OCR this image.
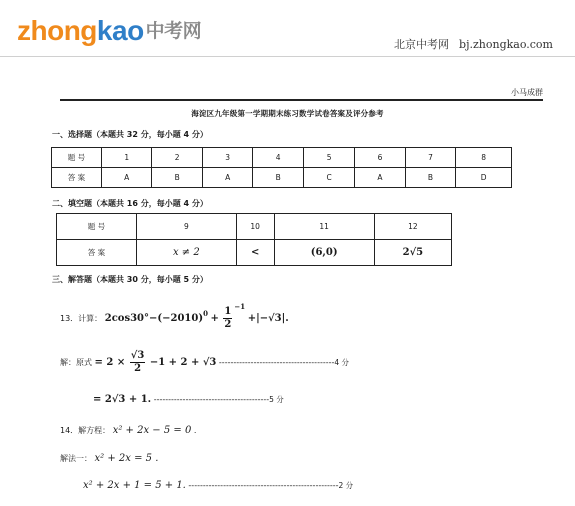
zhongkao 中考网
北京中考网 bj.zhongkao.com
小马成群
海淀区九年级第一学期期末练习数学试卷答案及评分参考
一、选择题（本题共 32 分，每小题 4 分）
题 号	1	2	3	4	5	6	7	8
答 案	A	B	A	B	C	A	B	D
二、填空题（本题共 16 分，每小题 4 分）
题 号	9	10	11	12
答 案	x ≠ 2	<	(6,0)	2√5
三、解答题（本题共 30 分，每小题 5 分）
13．计算： $2\cos 30^\circ-(-2010)0 + \frac{1}{2}$
−1 +|−√3|.
解：原式 = $2 \times \frac{√3}{2} -1 + 2 + √3$ ----------------------------------------4 分
= 2√3 + 1. ----------------------------------------5 分
14．解方程： x² + 2x − 5 = 0 .
解法一： x² + 2x = 5 .
x² + 2x + 1 = 5 + 1. ----------------------------------------------------2 分
